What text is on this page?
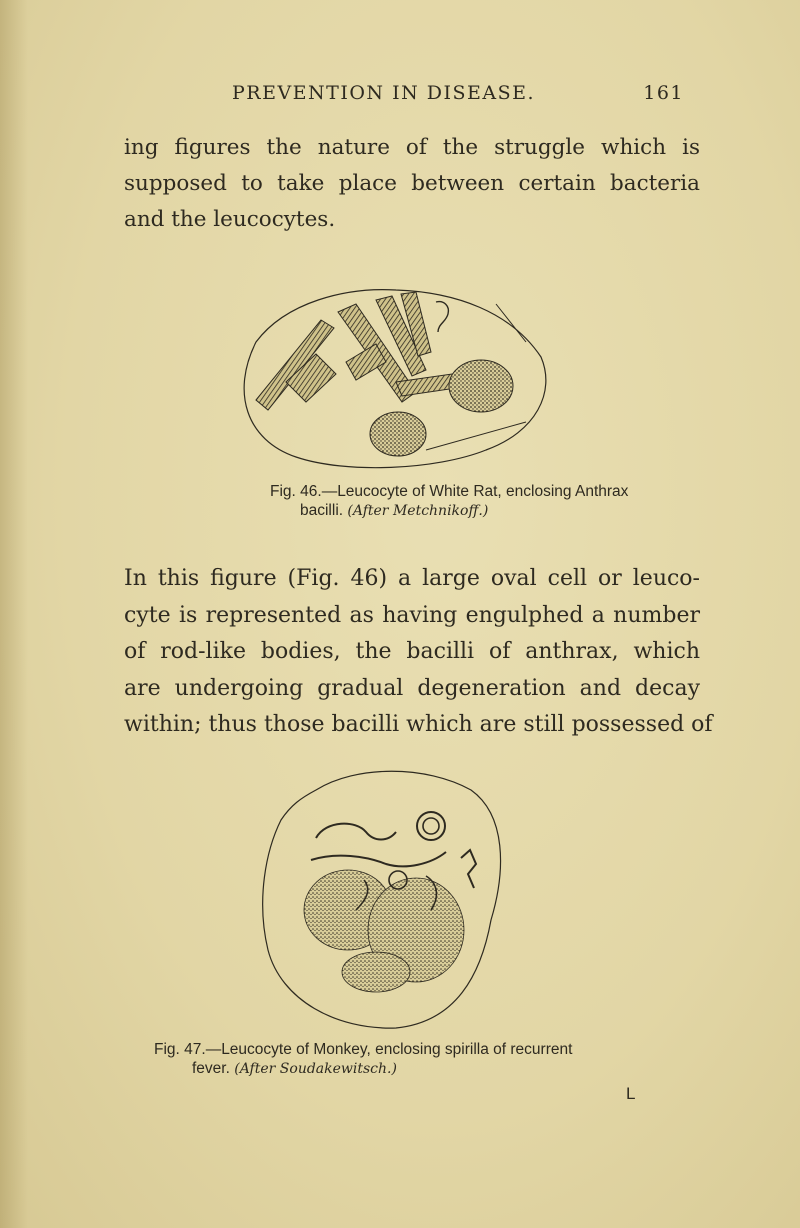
PREVENTION IN DISEASE.	161

ing figures the nature of the struggle which is
supposed to take place between certain bacteria
and the leucocytes.

Fig. 46.—Leucocyte of White Rat, enclosing Anthrax
bacilli. (After Metchnikoff.)

In this figure (Fig. 46) a large oval cell or leuco-
cyte is represented as having engulphed a number
of rod-like bodies, the bacilli of anthrax, which
are undergoing gradual degeneration and decay
within; thus those bacilli which are still possessed of

Fig. 47.—Leucocyte of Monkey, enclosing spirilla of recurrent
fever. (After Soudakewitsch.)
L
